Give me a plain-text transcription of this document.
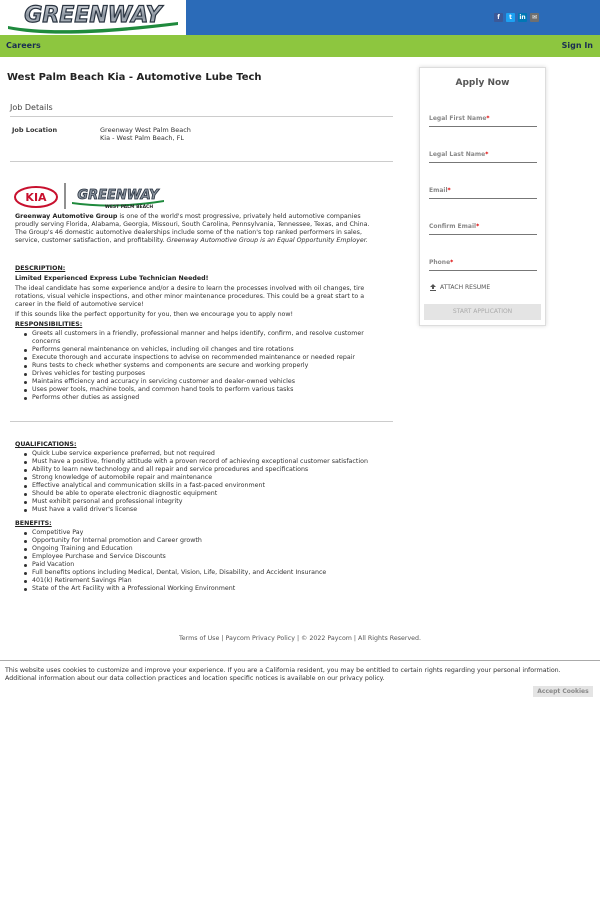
GREENWAY	f	t	in	✉
Careers	Sign In
West Palm Beach Kia - Automotive Lube Tech
Job Details
Job Location	Greenway West Palm Beach
Kia - West Palm Beach, FL
KIA GREENWAY
WEST PALM BEACH
Greenway Automotive Group is one of the world's most progressive, privately held automotive companies proudly serving Florida, Alabama, Georgia, Missouri, South Carolina, Pennsylvania, Tennessee, Texas, and China. The Group's 46 domestic automotive dealerships include some of the nation's top ranked performers in sales, service, customer satisfaction, and profitability. Greenway Automotive Group is an Equal Opportunity Employer.
DESCRIPTION:
Limited Experienced Express Lube Technician Needed!
The ideal candidate has some experience and/or a desire to learn the processes involved with oil changes, tire rotations, visual vehicle inspections, and other minor maintenance procedures. This could be a great start to a career in the field of automotive service!
If this sounds like the perfect opportunity for you, then we encourage you to apply now!
RESPONSIBILITIES:
Greets all customers in a friendly, professional manner and helps identify, confirm, and resolve customer concerns
Performs general maintenance on vehicles, including oil changes and tire rotations
Execute thorough and accurate inspections to advise on recommended maintenance or needed repair
Runs tests to check whether systems and components are secure and working properly
Drives vehicles for testing purposes
Maintains efficiency and accuracy in servicing customer and dealer-owned vehicles
Uses power tools, machine tools, and common hand tools to perform various tasks
Performs other duties as assigned
QUALIFICATIONS:
Quick Lube service experience preferred, but not required
Must have a positive, friendly attitude with a proven record of achieving exceptional customer satisfaction
Ability to learn new technology and all repair and service procedures and specifications
Strong knowledge of automobile repair and maintenance
Effective analytical and communication skills in a fast-paced environment
Should be able to operate electronic diagnostic equipment
Must exhibit personal and professional integrity
Must have a valid driver's license
BENEFITS:
Competitive Pay
Opportunity for Internal promotion and Career growth
Ongoing Training and Education
Employee Purchase and Service Discounts
Paid Vacation
Full benefits options including Medical, Dental, Vision, Life, Disability, and Accident Insurance
401(k) Retirement Savings Plan
State of the Art Facility with a Professional Working Environment
Apply Now
Legal First Name*
Legal Last Name*
Email*
Confirm Email*
Phone*
ATTACH RESUME
START APPLICATION
Terms of Use | Paycom Privacy Policy | © 2022 Paycom | All Rights Reserved.
This website uses cookies to customize and improve your experience. If you are a California resident, you may be entitled to certain rights regarding your personal information. Additional information about our data collection practices and location specific notices is available on our privacy policy.
Accept Cookies
